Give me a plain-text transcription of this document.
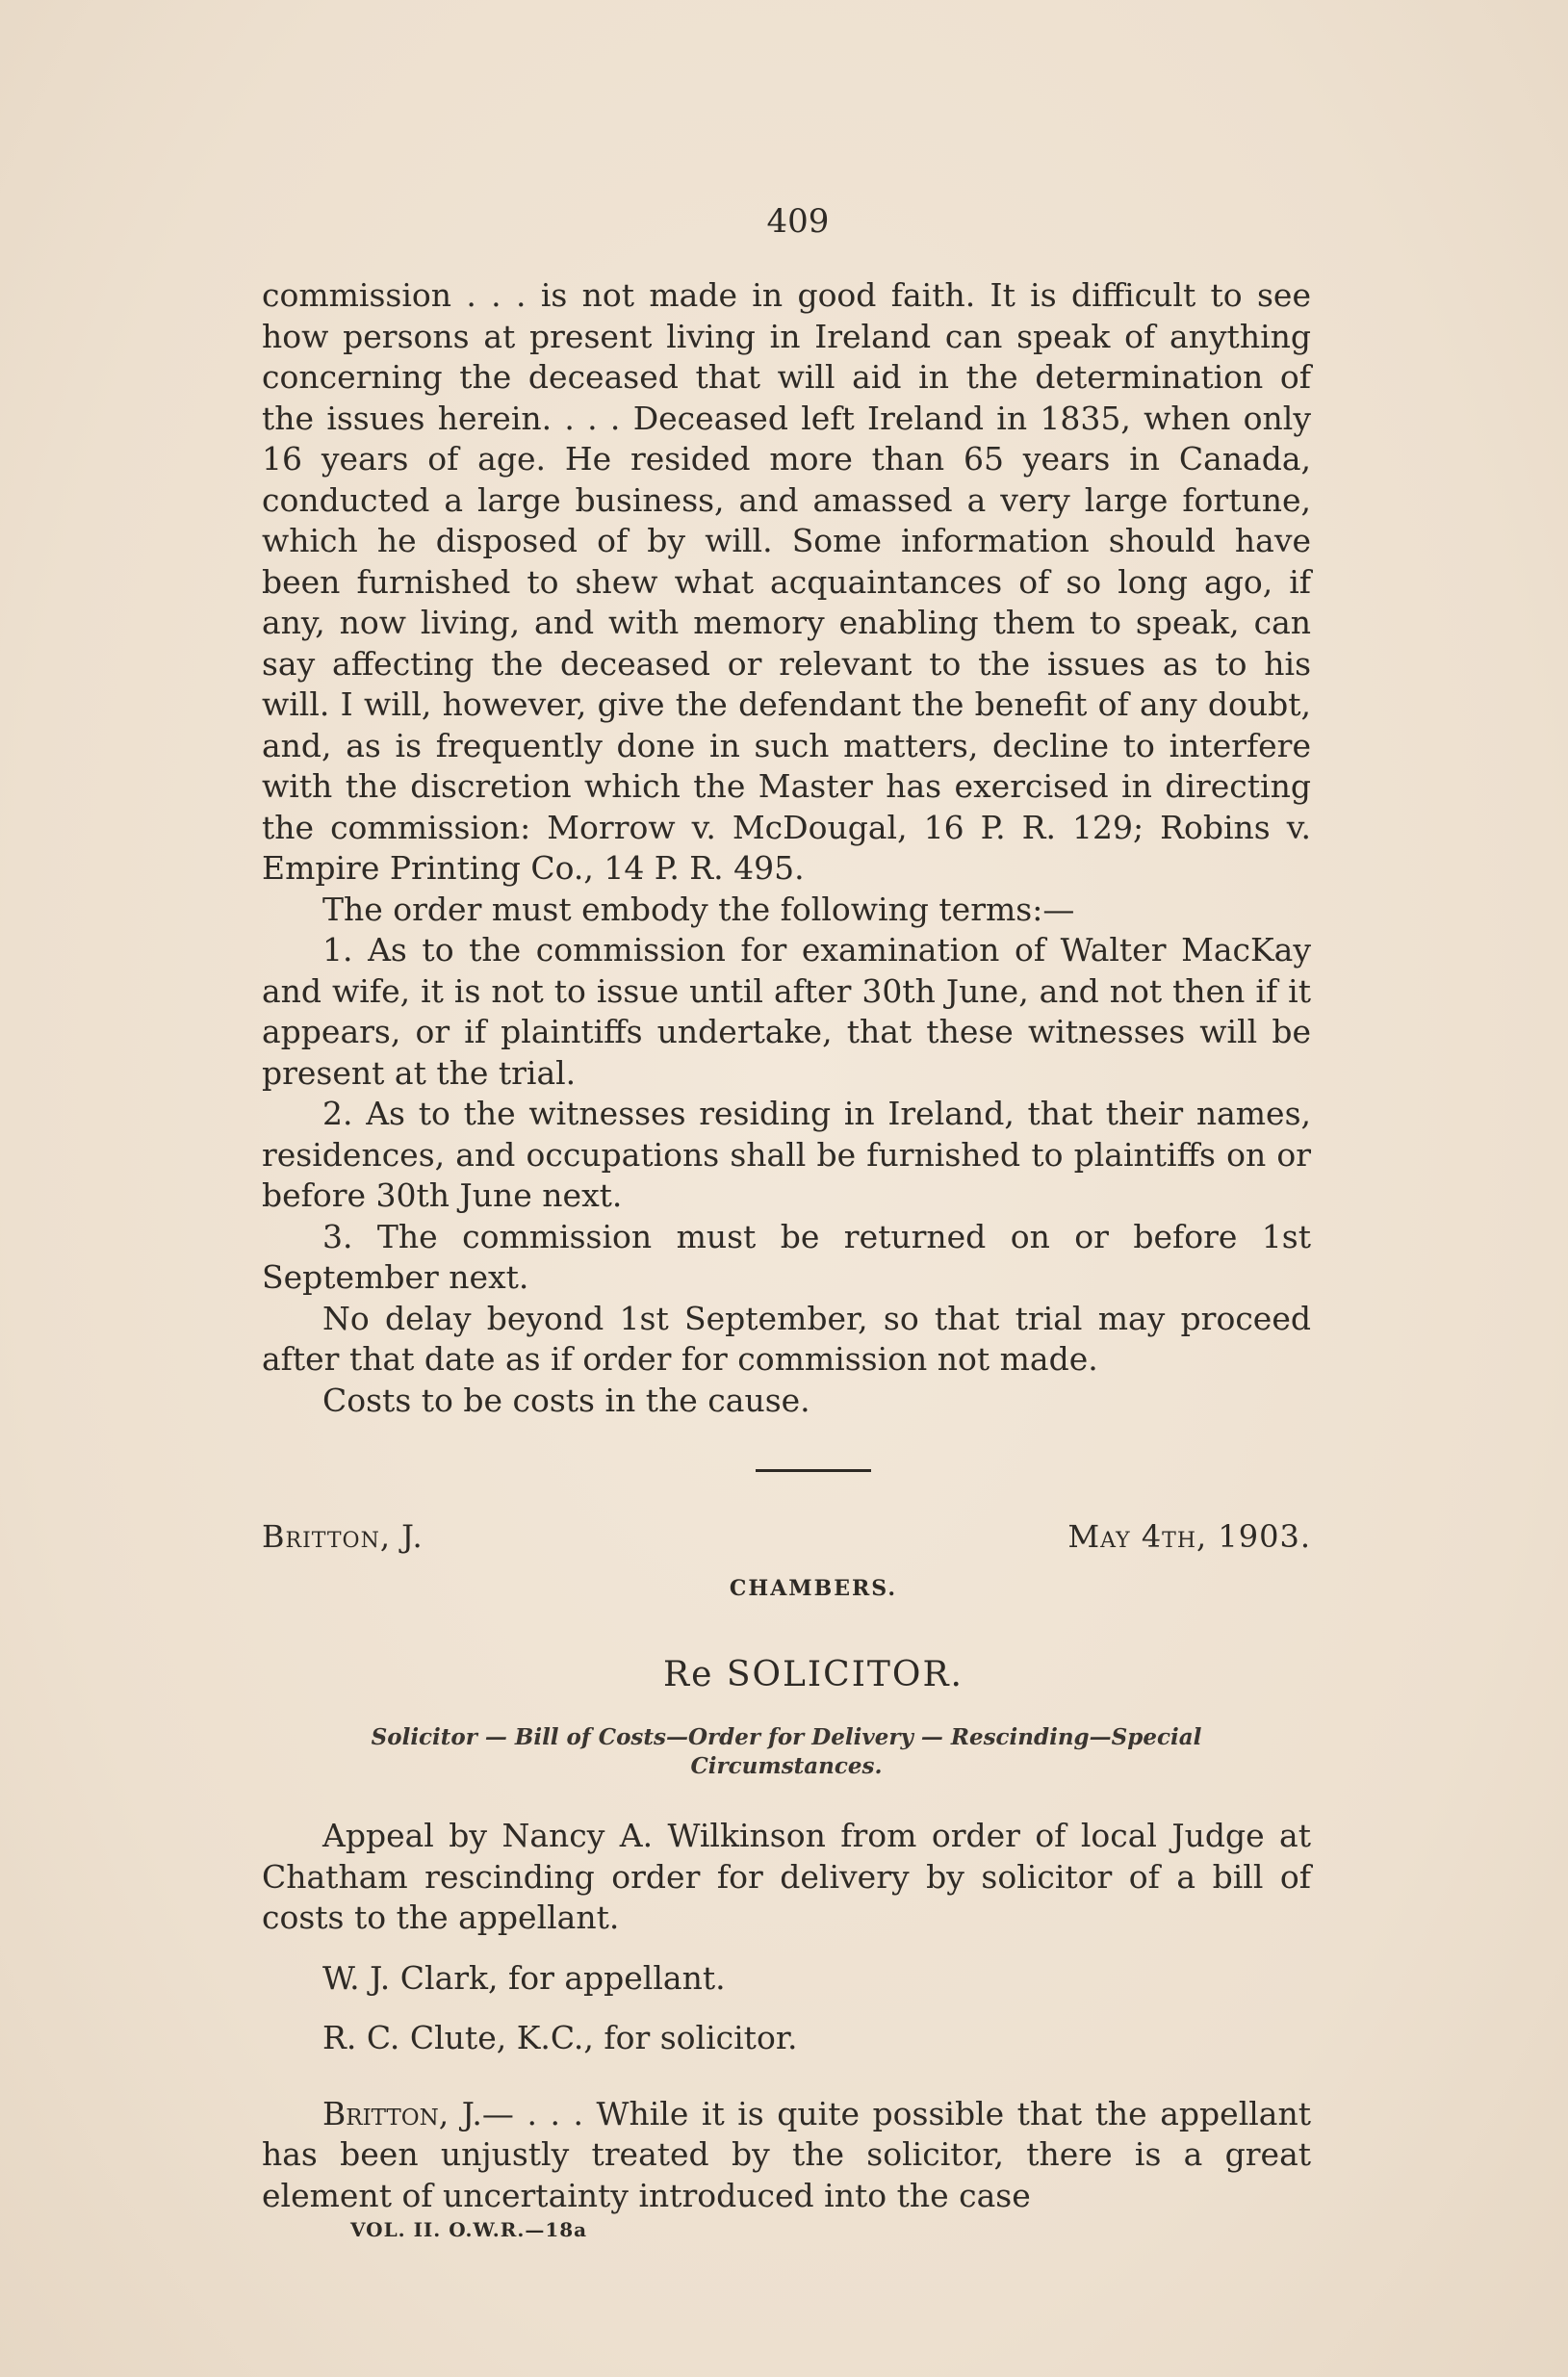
409

commission . . . is not made in good faith. It is difficult to see how persons at present living in Ireland can speak of anything concerning the deceased that will aid in the determination of the issues herein. . . . Deceased left Ireland in 1835, when only 16 years of age. He resided more than 65 years in Canada, conducted a large business, and amassed a very large fortune, which he disposed of by will. Some information should have been furnished to shew what acquaintances of so long ago, if any, now living, and with memory enabling them to speak, can say affecting the deceased or relevant to the issues as to his will. I will, however, give the defendant the benefit of any doubt, and, as is frequently done in such matters, decline to interfere with the discretion which the Master has exercised in directing the commission: Morrow v. McDougal, 16 P. R. 129; Robins v. Empire Printing Co., 14 P. R. 495.

The order must embody the following terms:—

1. As to the commission for examination of Walter MacKay and wife, it is not to issue until after 30th June, and not then if it appears, or if plaintiffs undertake, that these witnesses will be present at the trial.

2. As to the witnesses residing in Ireland, that their names, residences, and occupations shall be furnished to plaintiffs on or before 30th June next.

3. The commission must be returned on or before 1st September next.

No delay beyond 1st September, so that trial may proceed after that date as if order for commission not made.

Costs to be costs in the cause.

Britton, J.	May 4th, 1903.
CHAMBERS.
Re SOLICITOR.
Solicitor — Bill of Costs—Order for Delivery — Rescinding—Special
Circumstances.

Appeal by Nancy A. Wilkinson from order of local Judge at Chatham rescinding order for delivery by solicitor of a bill of costs to the appellant.

W. J. Clark, for appellant.

R. C. Clute, K.C., for solicitor.

Britton, J.— . . . While it is quite possible that the appellant has been unjustly treated by the solicitor, there is a great element of uncertainty introduced into the case

VOL. II. O.W.R.—18a
